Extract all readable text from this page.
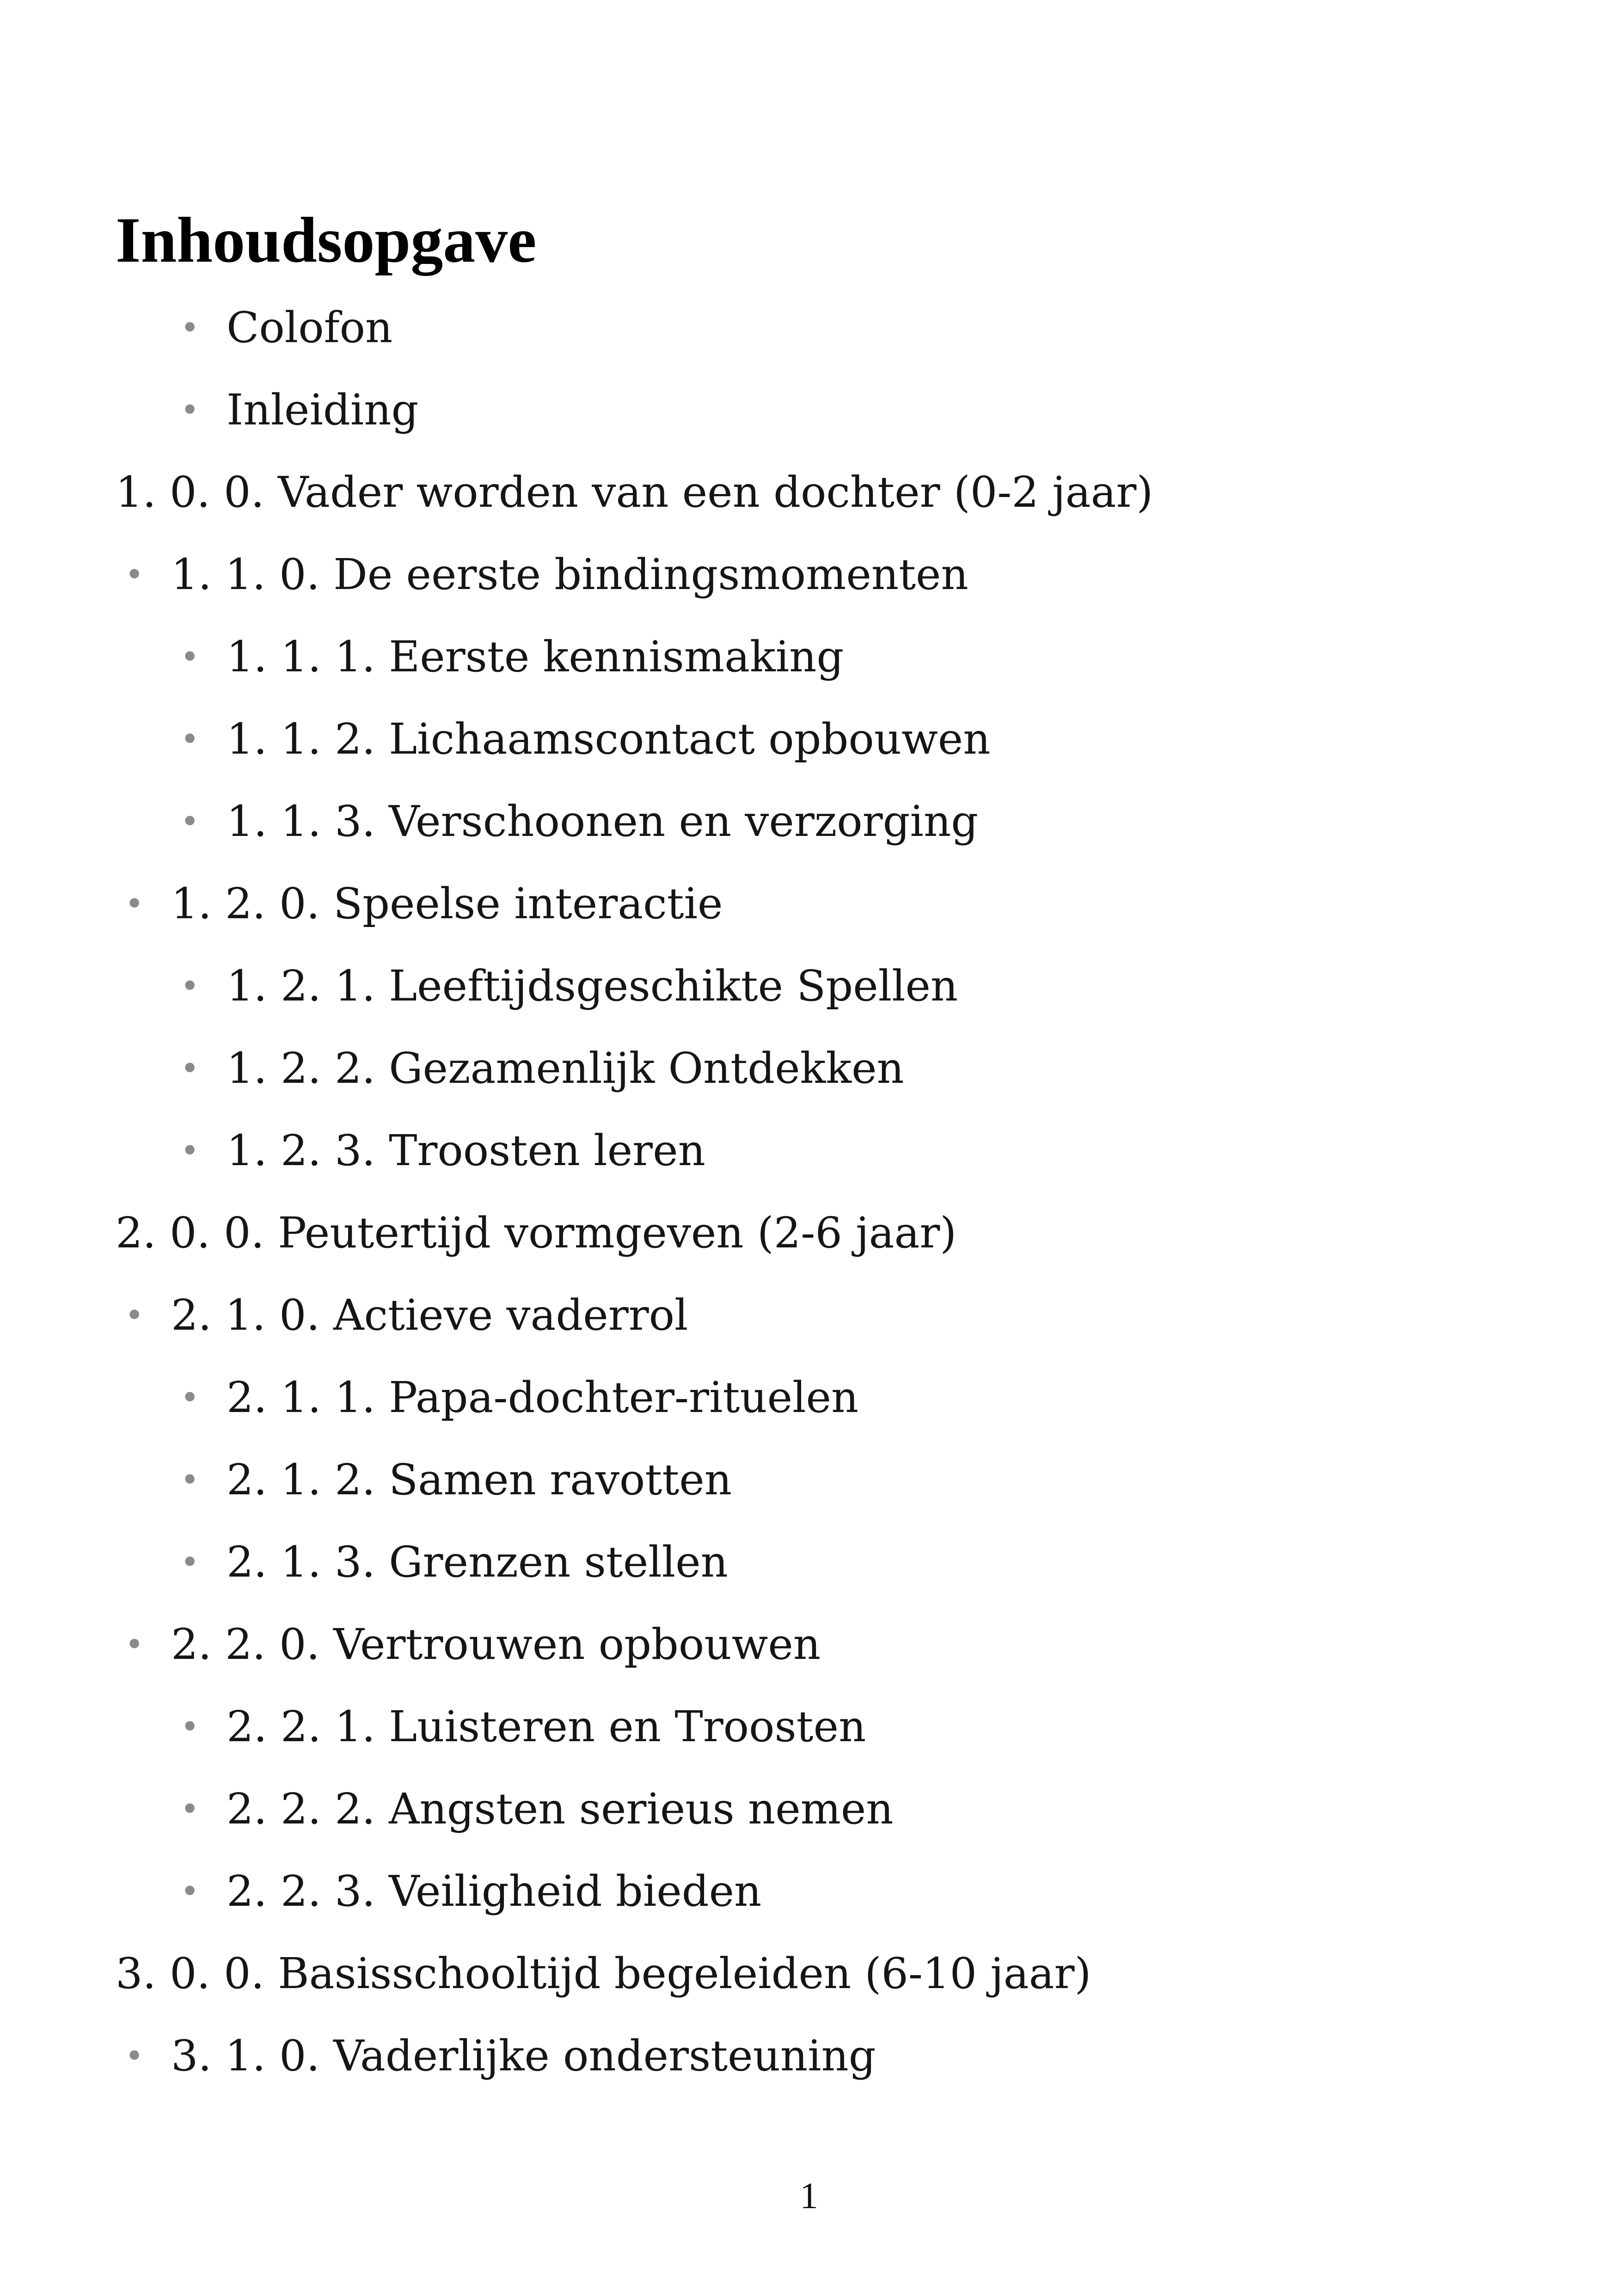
Inhoudsopgave
• Colofon
• Inleiding
1. 0. 0. Vader worden van een dochter (0-2 jaar)
• 1. 1. 0. De eerste bindingsmomenten
• 1. 1. 1. Eerste kennismaking
• 1. 1. 2. Lichaamscontact opbouwen
• 1. 1. 3. Verschoonen en verzorging
• 1. 2. 0. Speelse interactie
• 1. 2. 1. Leeftijdsgeschikte Spellen
• 1. 2. 2. Gezamenlijk Ontdekken
• 1. 2. 3. Troosten leren
2. 0. 0. Peutertijd vormgeven (2-6 jaar)
• 2. 1. 0. Actieve vaderrol
• 2. 1. 1. Papa-dochter-rituelen
• 2. 1. 2. Samen ravotten
• 2. 1. 3. Grenzen stellen
• 2. 2. 0. Vertrouwen opbouwen
• 2. 2. 1. Luisteren en Troosten
• 2. 2. 2. Angsten serieus nemen
• 2. 2. 3. Veiligheid bieden
3. 0. 0. Basisschooltijd begeleiden (6-10 jaar)
• 3. 1. 0. Vaderlijke ondersteuning
1
